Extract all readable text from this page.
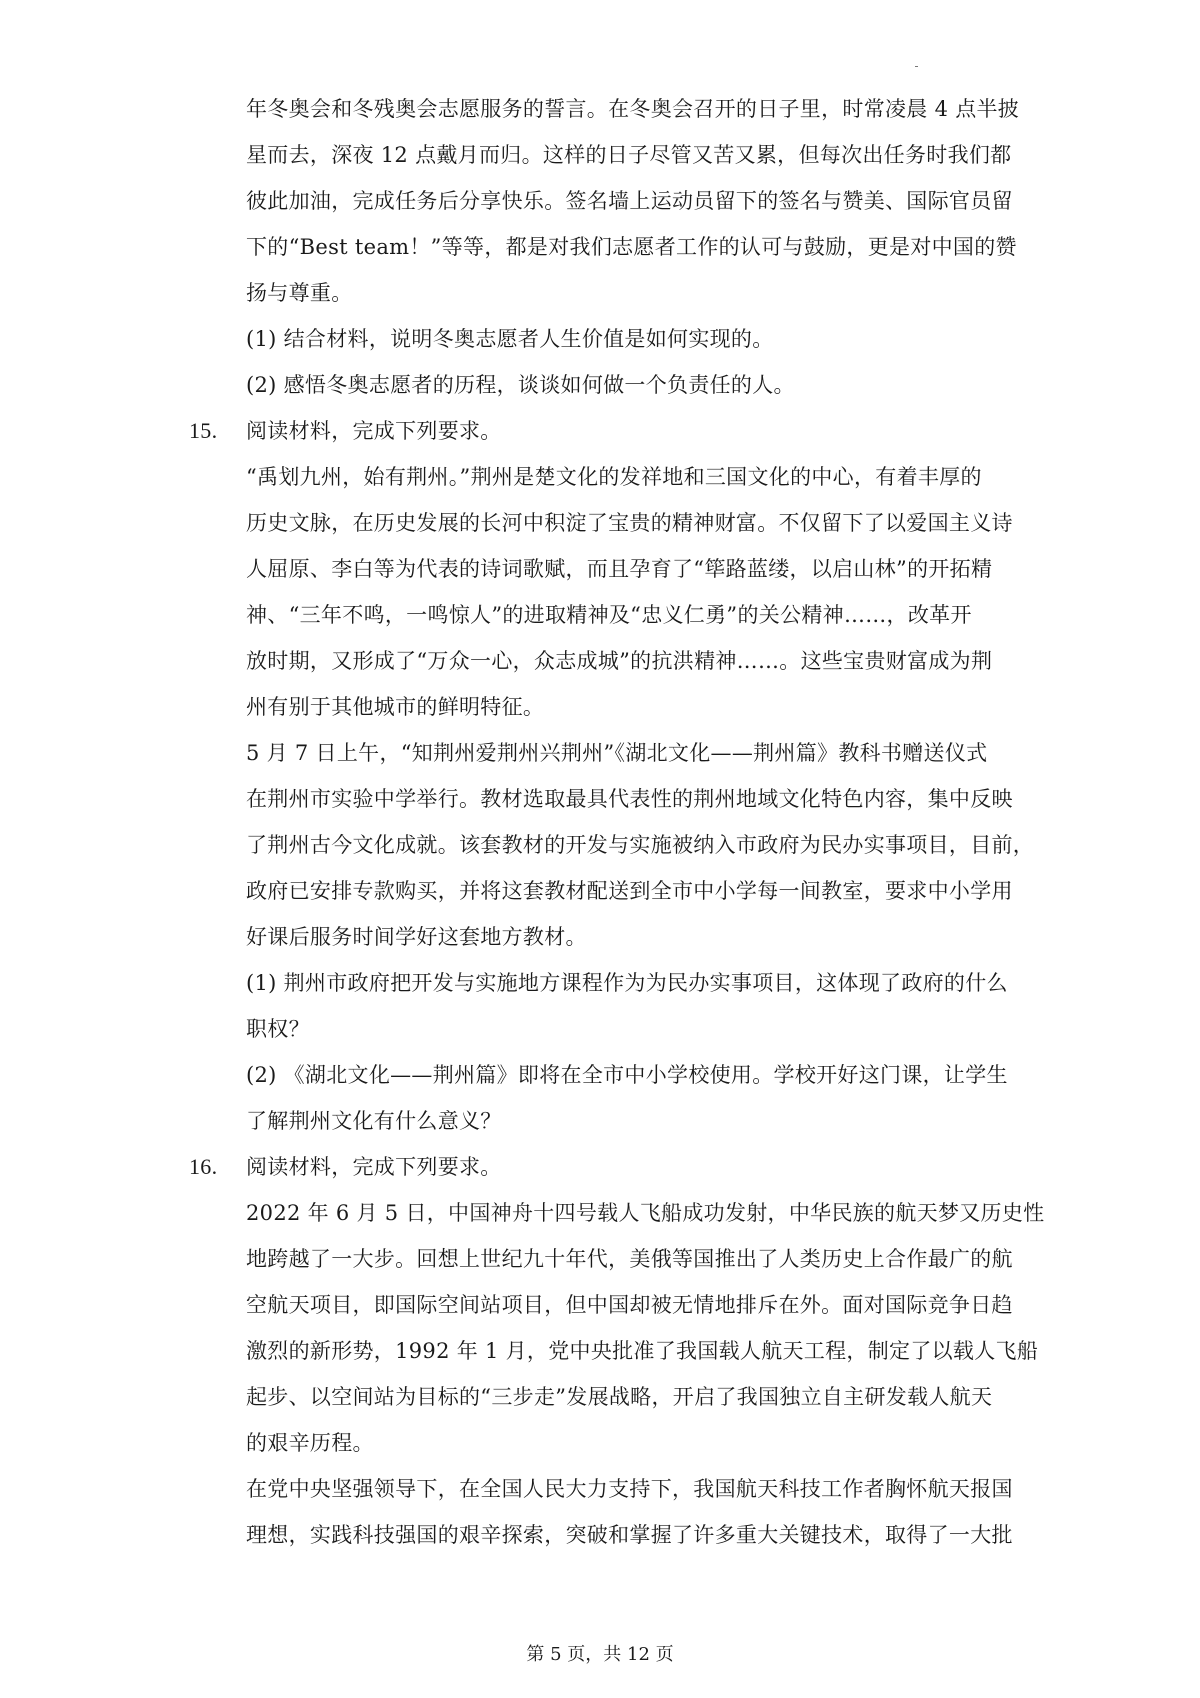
年冬奥会和冬残奥会志愿服务的誓言。在冬奥会召开的日子里，时常凌晨 4 点半披
星而去，深夜 12 点戴月而归。这样的日子尽管又苦又累，但每次出任务时我们都
彼此加油，完成任务后分享快乐。签名墙上运动员留下的签名与赞美、国际官员留
下的“Best team！”等等，都是对我们志愿者工作的认可与鼓励，更是对中国的赞
扬与尊重。
(1) 结合材料，说明冬奥志愿者人生价值是如何实现的。
(2) 感悟冬奥志愿者的历程，谈谈如何做一个负责任的人。
15. 阅读材料，完成下列要求。
“禹划九州，始有荆州。”荆州是楚文化的发祥地和三国文化的中心，有着丰厚的
历史文脉，在历史发展的长河中积淀了宝贵的精神财富。不仅留下了以爱国主义诗
人屈原、李白等为代表的诗词歌赋，而且孕育了“筚路蓝缕，以启山林”的开拓精
神、“三年不鸣，一鸣惊人”的进取精神及“忠义仁勇”的关公精神……，改革开
放时期，又形成了“万众一心，众志成城”的抗洪精神……。这些宝贵财富成为荆
州有别于其他城市的鲜明特征。
5 月 7 日上午，“知荆州爱荆州兴荆州”《湖北文化——荆州篇》教科书赠送仪式
在荆州市实验中学举行。教材选取最具代表性的荆州地域文化特色内容，集中反映
了荆州古今文化成就。该套教材的开发与实施被纳入市政府为民办实事项目，目前，
政府已安排专款购买，并将这套教材配送到全市中小学每一间教室，要求中小学用
好课后服务时间学好这套地方教材。
(1) 荆州市政府把开发与实施地方课程作为为民办实事项目，这体现了政府的什么
职权？
(2) 《湖北文化——荆州篇》即将在全市中小学校使用。学校开好这门课，让学生
了解荆州文化有什么意义？
16. 阅读材料，完成下列要求。
2022 年 6 月 5 日，中国神舟十四号载人飞船成功发射，中华民族的航天梦又历史性
地跨越了一大步。回想上世纪九十年代，美俄等国推出了人类历史上合作最广的航
空航天项目，即国际空间站项目，但中国却被无情地排斥在外。面对国际竞争日趋
激烈的新形势，1992 年 1 月，党中央批准了我国载人航天工程，制定了以载人飞船
起步、以空间站为目标的“三步走”发展战略，开启了我国独立自主研发载人航天
的艰辛历程。
在党中央坚强领导下，在全国人民大力支持下，我国航天科技工作者胸怀航天报国
理想，实践科技强国的艰辛探索，突破和掌握了许多重大关键技术，取得了一大批
第 5 页，共 12 页
